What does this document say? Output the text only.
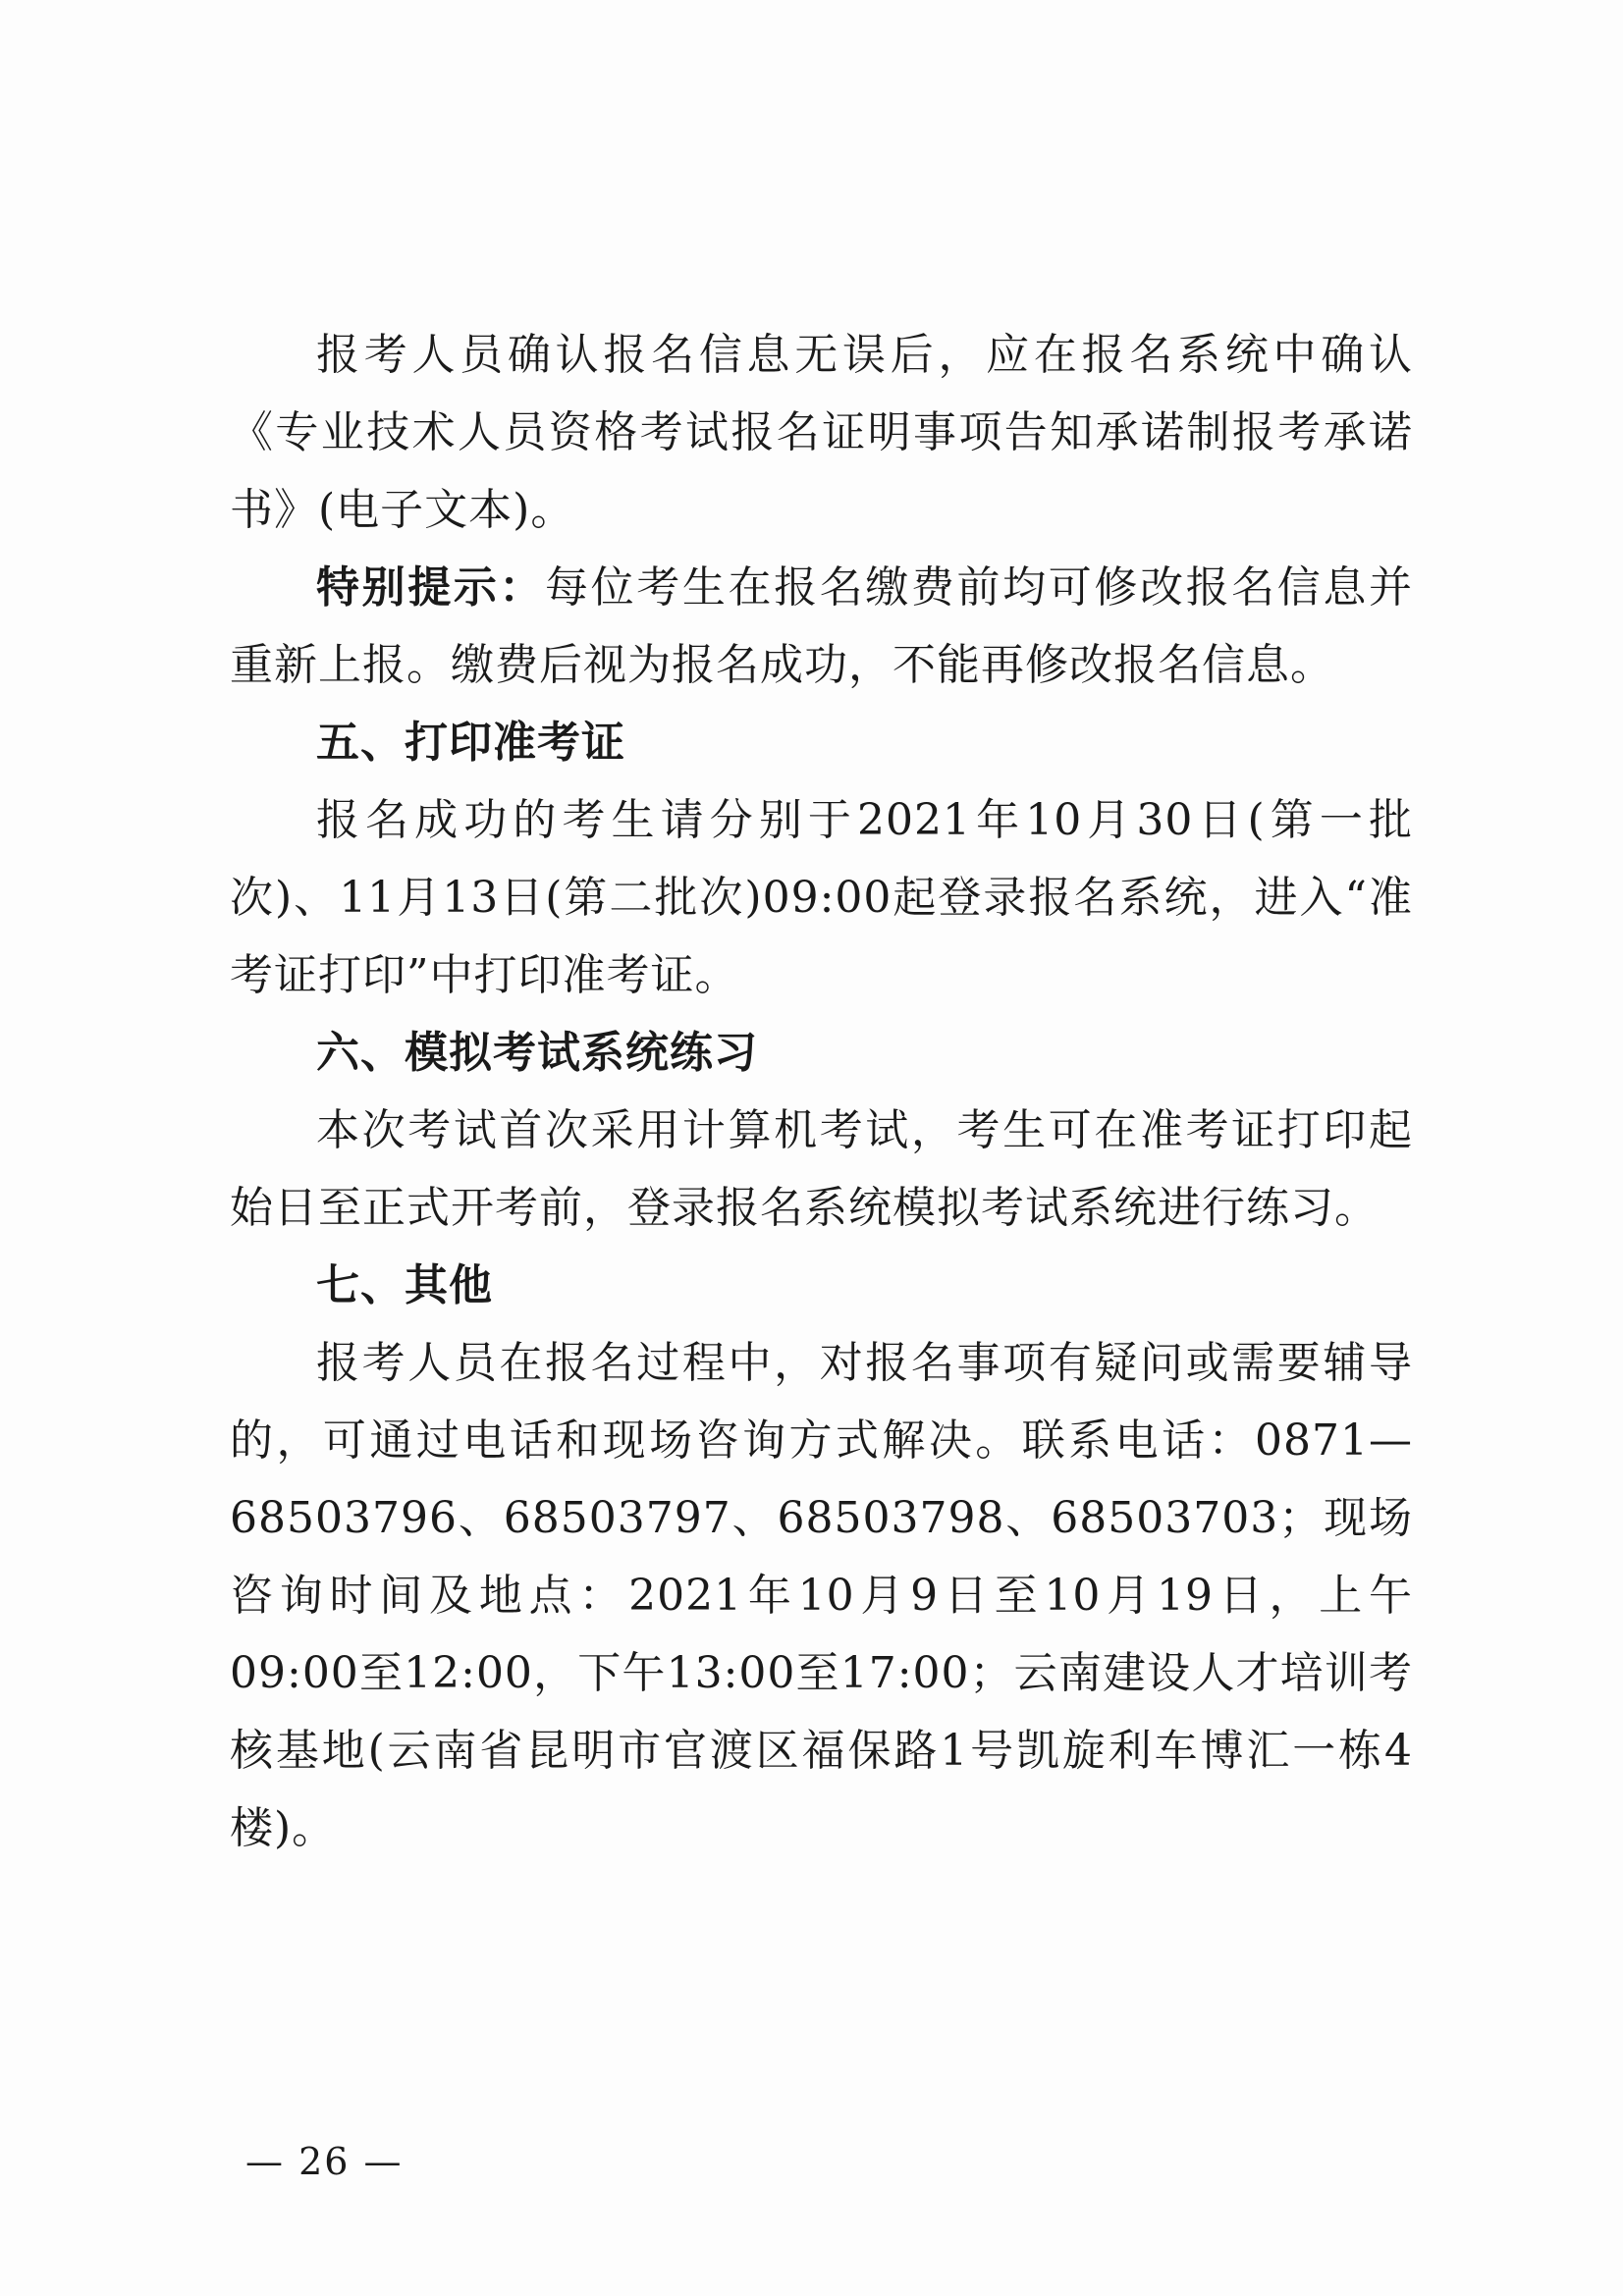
报考人员确认报名信息无误后，应在报名系统中确认《专业技术人员资格考试报名证明事项告知承诺制报考承诺书》(电子文本)。

特别提示：每位考生在报名缴费前均可修改报名信息并重新上报。缴费后视为报名成功，不能再修改报名信息。

五、打印准考证

报名成功的考生请分别于2021年10月30日(第一批次)、11月13日(第二批次)09:00起登录报名系统，进入“准考证打印”中打印准考证。

六、模拟考试系统练习

本次考试首次采用计算机考试，考生可在准考证打印起始日至正式开考前，登录报名系统模拟考试系统进行练习。

七、其他

报考人员在报名过程中，对报名事项有疑问或需要辅导的，可通过电话和现场咨询方式解决。联系电话：0871—68503796、68503797、68503798、68503703；现场咨询时间及地点：2021年10月9日至10月19日，上午09:00至12:00，下午13:00至17:00；云南建设人才培训考核基地(云南省昆明市官渡区福保路1号凯旋利车博汇一栋4楼)。

— 26 —
